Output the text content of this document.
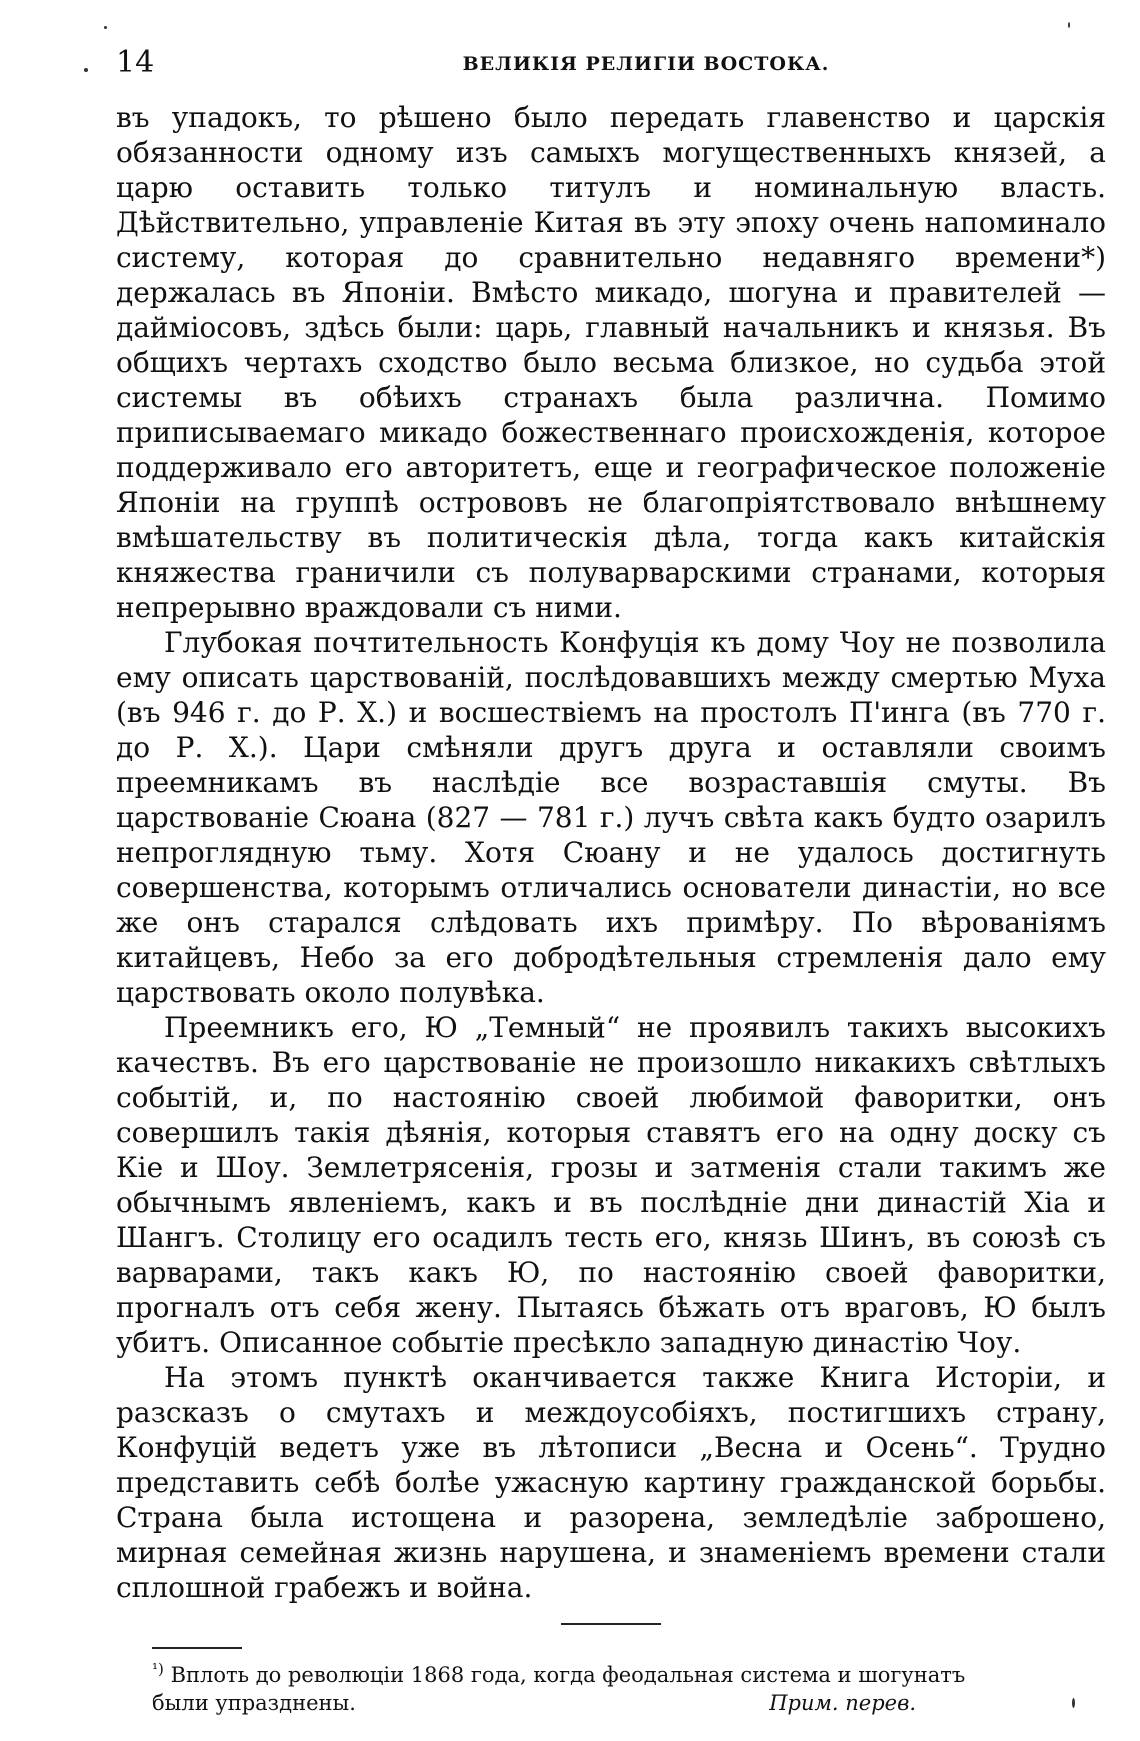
14	ВЕЛИКІЯ РЕЛИГІИ ВОСТОКА.

въ упадокъ, то рѣшено было передать главенство и царскія обязанности одному изъ самыхъ могущественныхъ князей, а царю оставить только титулъ и номинальную власть. Дѣйствительно, управленіе Китая въ эту эпоху очень напоминало систему, которая до сравнительно недавняго времени*) держалась въ Японіи. Вмѣсто микадо, шогуна и правителей — дайміосовъ, здѣсь были: царь, главный начальникъ и князья. Въ общихъ чертахъ сходство было весьма близкое, но судьба этой системы въ обѣихъ странахъ была различна. Помимо приписываемаго микадо божественнаго происхожденія, которое поддерживало его авторитетъ, еще и географическое положеніе Японіи на группѣ острововъ не благопріятствовало внѣшнему вмѣшательству въ политическія дѣла, тогда какъ китайскія княжества граничили съ полуварварскими странами, которыя непрерывно враждовали съ ними.

Глубокая почтительность Конфуція къ дому Чоу не позволила ему описать царствованій, послѣдовавшихъ между смертью Муха (въ 946 г. до Р. Х.) и восшествіемъ на простолъ П'инга (въ 770 г. до Р. Х.). Цари смѣняли другъ друга и оставляли своимъ преемникамъ въ наслѣдіе все возраставшія смуты. Въ царствованіе Сюана (827 — 781 г.) лучъ свѣта какъ будто озарилъ непроглядную тьму. Хотя Сюану и не удалось достигнуть совершенства, которымъ отличались основатели династіи, но все же онъ старался слѣдовать ихъ примѣру. По вѣрованіямъ китайцевъ, Небо за его добродѣтельныя стремленія дало ему царствовать около полувѣка.

Преемникъ его, Ю „Темный“ не проявилъ такихъ высокихъ качествъ. Въ его царствованіе не произошло никакихъ свѣтлыхъ событій, и, по настоянію своей любимой фаворитки, онъ совершилъ такія дѣянія, которыя ставятъ его на одну доску съ Кіе и Шоу. Землетрясенія, грозы и затменія стали такимъ же обычнымъ явленіемъ, какъ и въ послѣдніе дни династій Хіа и Шангъ. Столицу его осадилъ тесть его, князь Шинъ, въ союзѣ съ варварами, такъ какъ Ю, по настоянію своей фаворитки, прогналъ отъ себя жену. Пытаясь бѣжать отъ враговъ, Ю былъ убитъ. Описанное событіе пресѣкло западную династію Чоу.

На этомъ пунктѣ оканчивается также Книга Исторіи, и разсказъ о смутахъ и междоусобіяхъ, постигшихъ страну, Конфуцій ведетъ уже въ лѣтописи „Весна и Осень“. Трудно представить себѣ болѣе ужасную картину гражданской борьбы. Страна была истощена и разорена, земледѣліе заброшено, мирная семейная жизнь нарушена, и знаменіемъ времени стали сплошной грабежъ и война.

$^{^1)}$ Вплоть до революціи 1868 года, когда феодальная система и шогунатъ
были упразднены.	Прим. перев.
